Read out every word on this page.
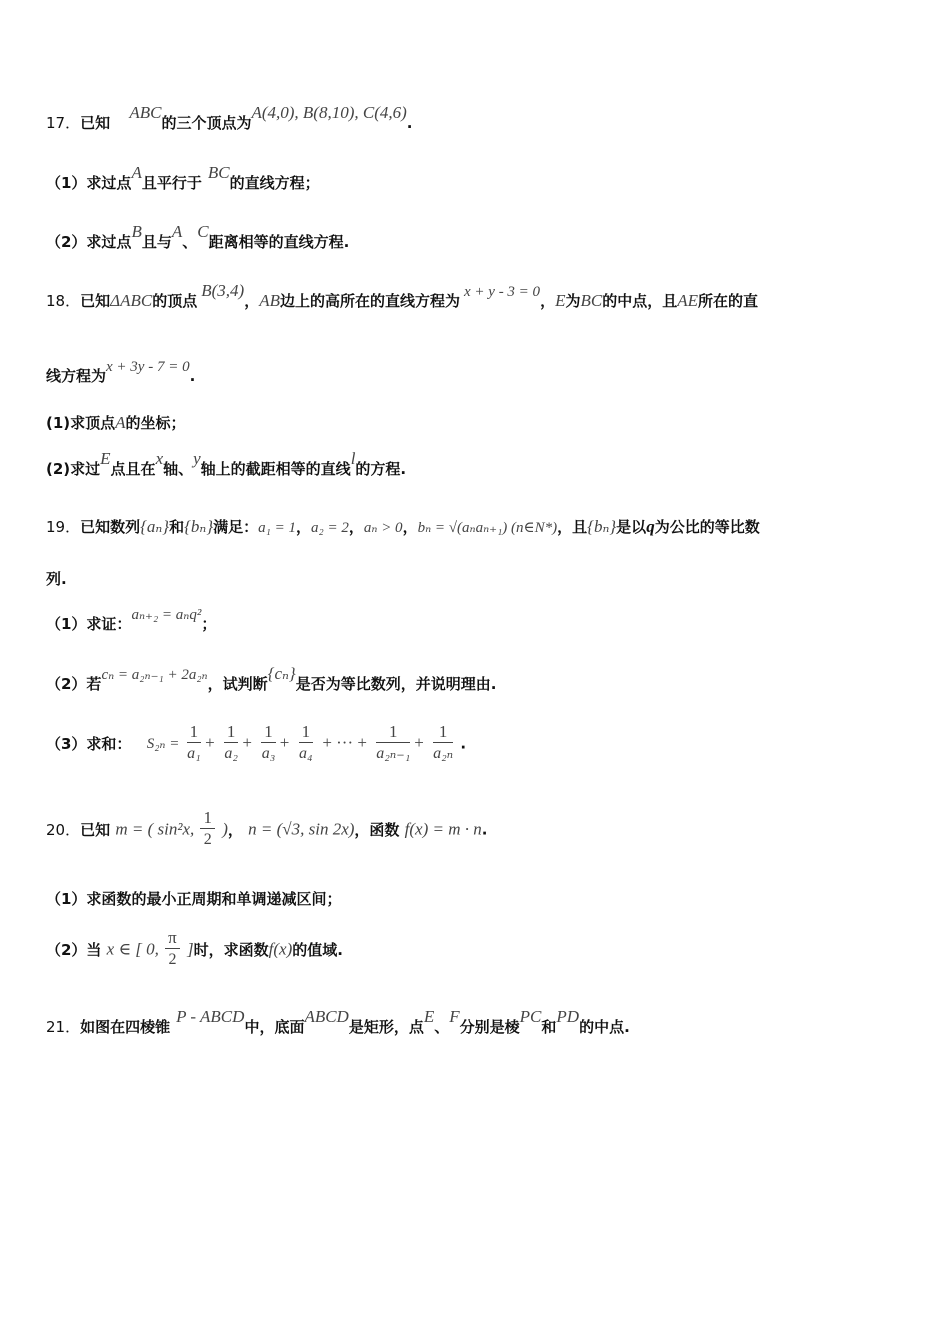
17．已知 ABC的三个顶点为A(4,0), B(8,10), C(4,6).
（1）求过点A且平行于BC的直线方程；
（2）求过点B且与A、C距离相等的直线方程.
18．已知ΔABC的顶点B(3,4)，AB边上的高所在的直线方程为 x + y - 3 = 0，E为BC的中点，且AE所在的直
线方程为x + 3y - 7 = 0.
(1)求顶点A的坐标；
(2)求过E点且在x轴、y轴上的截距相等的直线l的方程.
19．已知数列{aₙ}和{bₙ}满足：a₁ = 1，a₂ = 2，aₙ > 0，bₙ = √(aₙaₙ₊₁) (n∈N*)，且{bₙ}是以q为公比的等比数
列.
（1）求证：aₙ₊₂ = aₙq²；
（2）若cₙ = a₂ₙ₋₁ + 2a₂ₙ，试判断{cₙ}是否为等比数列，并说明理由.
（3）求和： $S_{2n} = \frac{1}{\text{a₁}} + \frac{1}{\text{a₂}} + \frac{1}{\text{a₃}} + \frac{1}{\text{a₄}}$ + ··· + $\frac{1}{\text{a₂ₙ₋₁}} + \frac{1}{\text{a₂ₙ}}$ .
20．已知 m = ( sin²x, $\frac{1}{2}$ )， n = (√3, sin 2x)，函数 f(x) = m · n.
（1）求函数的最小正周期和单调递减区间；
（2）当 x ∈ [ 0, $\frac{\pi}{2}$ ]时，求函数f(x)的值域.
21．如图在四棱锥P - ABCD中，底面ABCD是矩形，点E、F分别是棱PC和PD的中点.
